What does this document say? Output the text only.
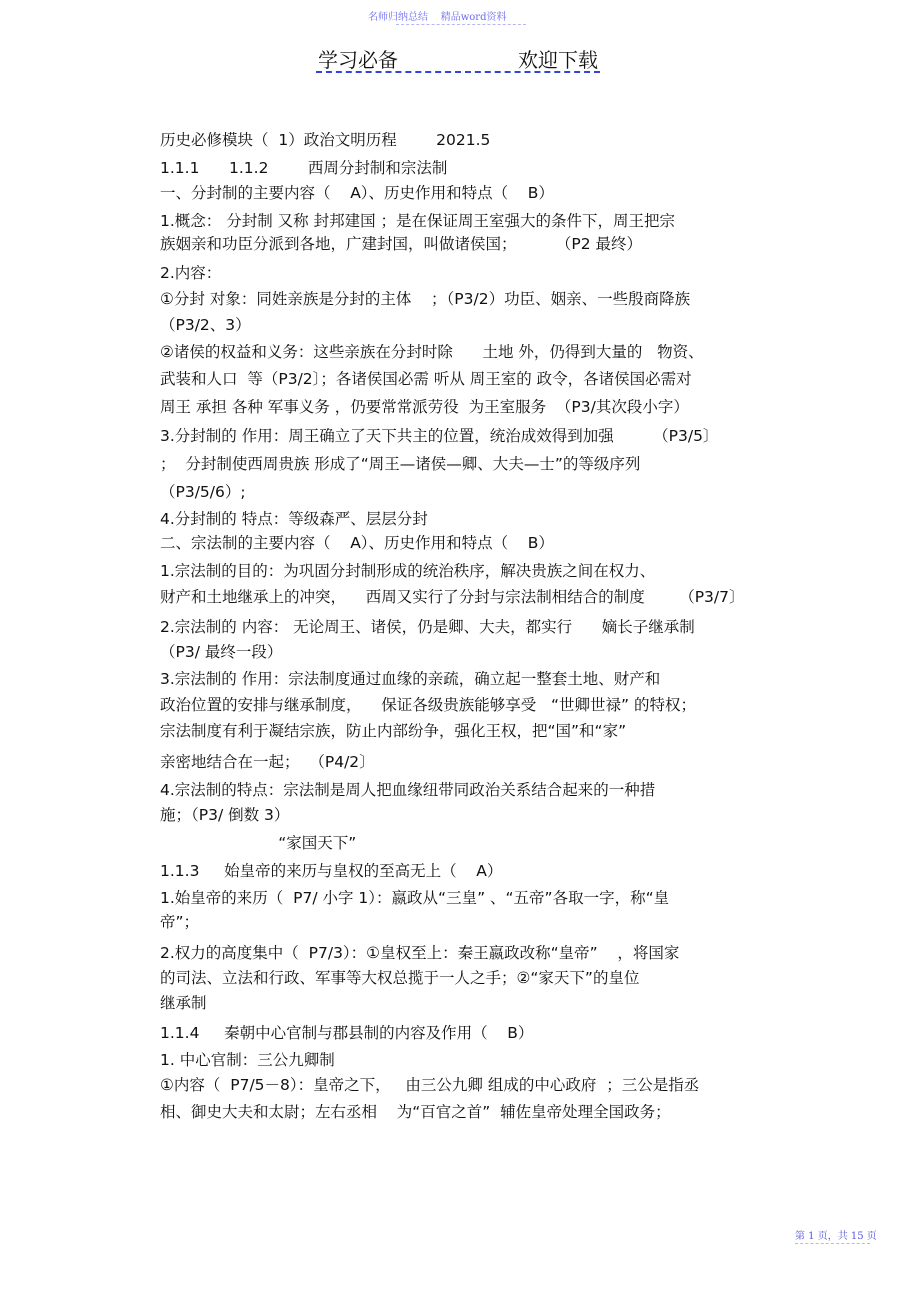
名师归纳总结    精品word资料
学习必备	欢迎下载
历史必修模块（  1）政治文明历程        2021.5
1.1.1      1.1.2        西周分封制和宗法制
一、分封制的主要内容（    A）、历史作用和特点（    B）
1.概念： 分封制 又称 封邦建国 ；是在保证周王室强大的条件下，周王把宗
族姻亲和功臣分派到各地，广建封国，叫做诸侯国；        （P2 最终）
2.内容：
①分封 对象：同姓亲族是分封的主体    ；（P3/2）功臣、姻亲、一些殷商降族
（P3/2、3）
②诸侯的权益和义务：这些亲族在分封时除      土地 外，仍得到大量的   物资、
武装和人口  等（P3/2〕；各诸侯国必需 听从 周王室的 政令，各诸侯国必需对
周王 承担 各种 军事义务 ，仍要常常派劳役  为王室服务  （P3/其次段小字）
3.分封制的 作用：周王确立了天下共主的位置，统治成效得到加强        （P3/5〕
；  分封制使西周贵族 形成了“周王—诸侯—卿、大夫—士”的等级序列
（P3/5/6）;
4.分封制的 特点：等级森严、层层分封
二、宗法制的主要内容（    A）、历史作用和特点（    B）
1.宗法制的目的：为巩固分封制形成的统治秩序，解决贵族之间在权力、
财产和土地继承上的冲突，    西周又实行了分封与宗法制相结合的制度       （P3/7〕
2.宗法制的 内容： 无论周王、诸侯，仍是卿、大夫，都实行      嫡长子继承制
（P3/ 最终一段）
3.宗法制的 作用：宗法制度通过血缘的亲疏，确立起一整套土地、财产和
政治位置的安排与继承制度，    保证各级贵族能够享受   “世卿世禄” 的特权；
宗法制度有利于凝结宗族，防止内部纷争，强化王权，把“国”和“家”
亲密地结合在一起；  （P4/2〕
4.宗法制的特点：宗法制是周人把血缘纽带同政治关系结合起来的一种措
施；（P3/ 倒数 3）
“家国天下”
1.1.3     始皇帝的来历与皇权的至高无上（    A）
1.始皇帝的来历（  P7/ 小字 1）：嬴政从“三皇” 、“五帝”各取一字，称“皇
帝”；
2.权力的高度集中（  P7/3）：①皇权至上：秦王嬴政改称“皇帝”    ，将国家
的司法、立法和行政、军事等大权总揽于一人之手；②“家天下”的皇位
继承制
1.1.4     秦朝中心官制与郡县制的内容及作用（    B）
1. 中心官制：三公九卿制
①内容（  P7/5－8）：皇帝之下，   由三公九卿 组成的中心政府  ；三公是指丞
相、御史大夫和太尉；左右丞相    为“百官之首”  辅佐皇帝处理全国政务；
第 1 页，共 15 页
